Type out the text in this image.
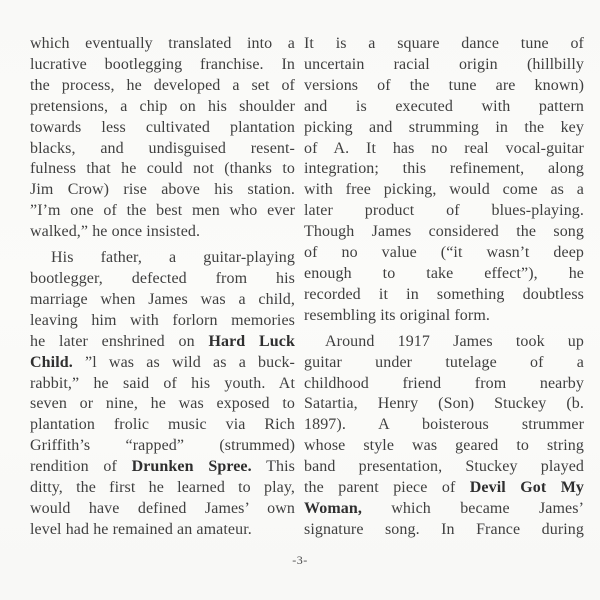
which eventually translated into a
lucrative bootlegging franchise. In
the process, he developed a set of
pretensions, a chip on his shoulder
towards less cultivated plantation
blacks, and undisguised resent-
fulness that he could not (thanks to
Jim Crow) rise above his station.
”I’m one of the best men who ever
walked,” he once insisted.
His father, a guitar-playing
bootlegger, defected from his
marriage when James was a child,
leaving him with forlorn memories
he later enshrined on Hard Luck
Child. ”l was as wild as a buck-
rabbit,” he said of his youth. At
seven or nine, he was exposed to
plantation frolic music via Rich
Griffith’s “rapped” (strummed)
rendition of Drunken Spree. This
ditty, the first he learned to play,
would have defined James’ own
level had he remained an amateur.
It is a square dance tune of
uncertain racial origin (hillbilly
versions of the tune are known)
and is executed with pattern
picking and strumming in the key
of A. It has no real vocal-guitar
integration; this refinement, along
with free picking, would come as a
later product of blues-playing.
Though James considered the song
of no value (“it wasn’t deep
enough to take effect”), he
recorded it in something doubtless
resembling its original form.
Around 1917 James took up
guitar under tutelage of a
childhood friend from nearby
Satartia, Henry (Son) Stuckey (b.
1897). A boisterous strummer
whose style was geared to string
band presentation, Stuckey played
the parent piece of Devil Got My
Woman, which became James’
signature song. In France during
-3-
